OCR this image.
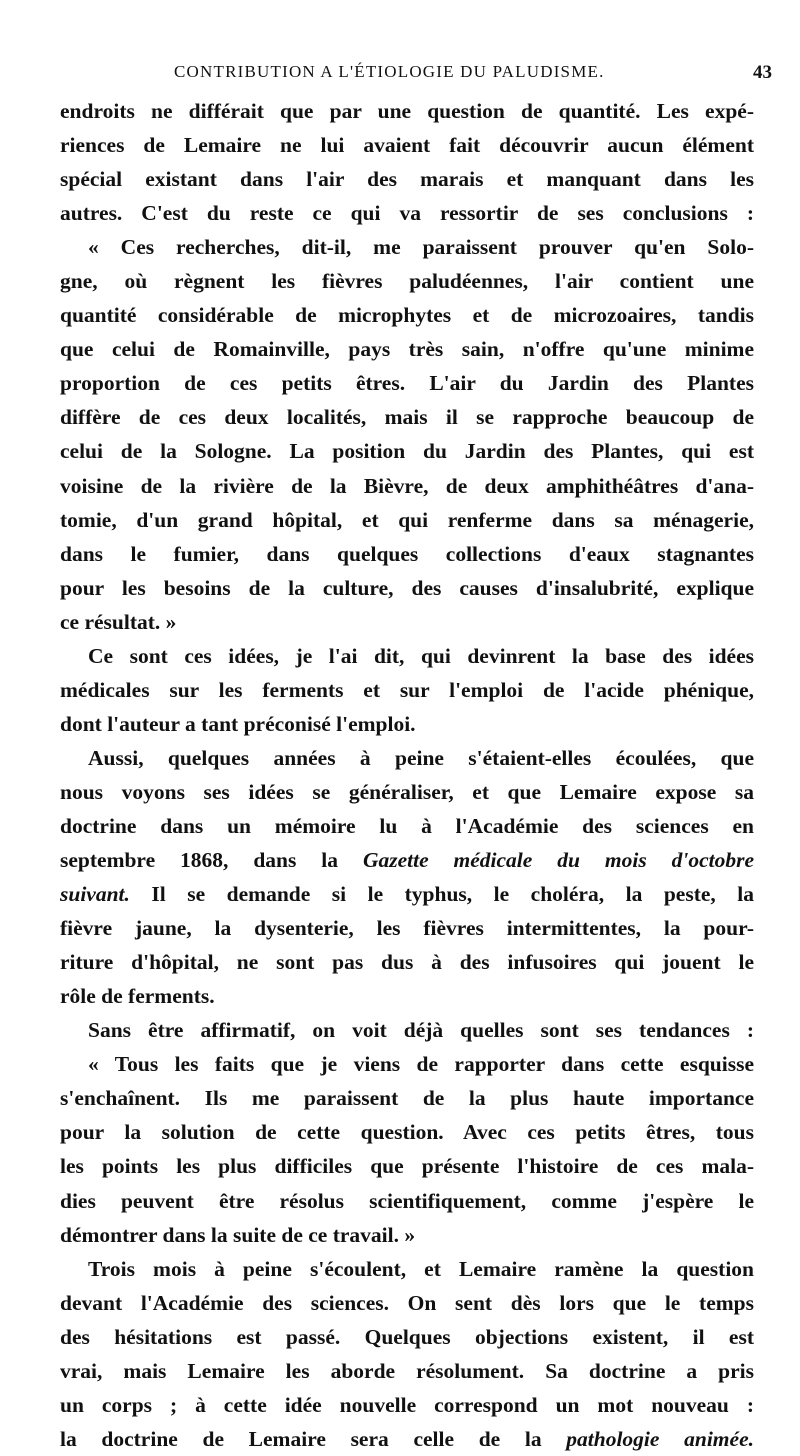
CONTRIBUTION A L'ÉTIOLOGIE DU PALUDISME.	43
endroits ne différait que par une question de quantité. Les expé-
riences de Lemaire ne lui avaient fait découvrir aucun élément
spécial existant dans l'air des marais et manquant dans les
autres. C'est du reste ce qui va ressortir de ses conclusions :
« Ces recherches, dit-il, me paraissent prouver qu'en Solo-
gne, où règnent les fièvres paludéennes, l'air contient une
quantité considérable de microphytes et de microzoaires, tandis
que celui de Romainville, pays très sain, n'offre qu'une minime
proportion de ces petits êtres. L'air du Jardin des Plantes
diffère de ces deux localités, mais il se rapproche beaucoup de
celui de la Sologne. La position du Jardin des Plantes, qui est
voisine de la rivière de la Bièvre, de deux amphithéâtres d'ana-
tomie, d'un grand hôpital, et qui renferme dans sa ménagerie,
dans le fumier, dans quelques collections d'eaux stagnantes
pour les besoins de la culture, des causes d'insalubrité, explique
ce résultat. »
Ce sont ces idées, je l'ai dit, qui devinrent la base des idées
médicales sur les ferments et sur l'emploi de l'acide phénique,
dont l'auteur a tant préconisé l'emploi.
Aussi, quelques années à peine s'étaient-elles écoulées, que
nous voyons ses idées se généraliser, et que Lemaire expose sa
doctrine dans un mémoire lu à l'Académie des sciences en
septembre 1868, dans la Gazette médicale du mois d'octobre
suivant. Il se demande si le typhus, le choléra, la peste, la
fièvre jaune, la dysenterie, les fièvres intermittentes, la pour-
riture d'hôpital, ne sont pas dus à des infusoires qui jouent le
rôle de ferments.
Sans être affirmatif, on voit déjà quelles sont ses tendances :
« Tous les faits que je viens de rapporter dans cette esquisse
s'enchaînent. Ils me paraissent de la plus haute importance
pour la solution de cette question. Avec ces petits êtres, tous
les points les plus difficiles que présente l'histoire de ces mala-
dies peuvent être résolus scientifiquement, comme j'espère le
démontrer dans la suite de ce travail. »
Trois mois à peine s'écoulent, et Lemaire ramène la question
devant l'Académie des sciences. On sent dès lors que le temps
des hésitations est passé. Quelques objections existent, il est
vrai, mais Lemaire les aborde résolument. Sa doctrine a pris
un corps ; à cette idée nouvelle correspond un mot nouveau :
la doctrine de Lemaire sera celle de la pathologie animée.
